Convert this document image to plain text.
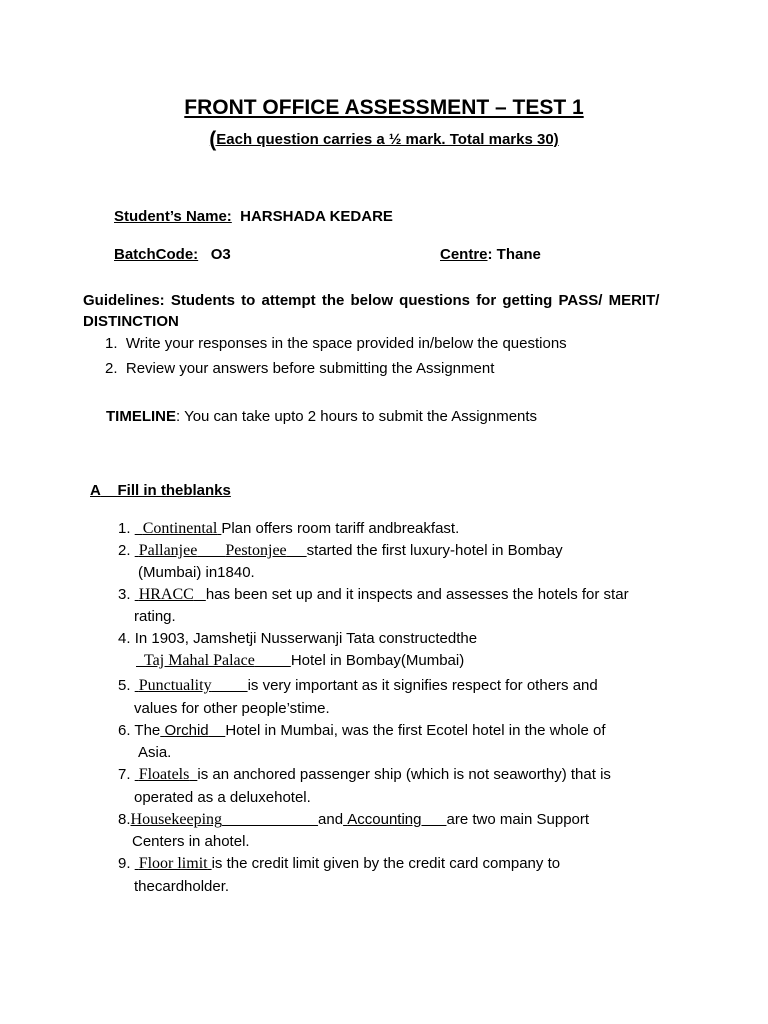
FRONT OFFICE ASSESSMENT – TEST 1
(Each question carries a ½ mark. Total marks 30)
Student’s Name: HARSHADA KEDARE
BatchCode: O3	Centre: Thane
Guidelines: Students to attempt the below questions for getting PASS/ MERIT/
DISTINCTION
1. Write your responses in the space provided in/below the questions
2. Review your answers before submitting the Assignment
TIMELINE: You can take upto 2 hours to submit the Assignments
A Fill in theblanks
1. Continental Plan offers room tariff andbreakfast.
2. Pallanjee Pestonjee started the first luxury-hotel in Bombay
(Mumbai) in1840.
3. HRACC has been set up and it inspects and assesses the hotels for star
rating.
4. In 1903, Jamshetji Nusserwanji Tata constructedthe
Taj Mahal Palace Hotel in Bombay(Mumbai)
5. Punctuality is very important as it signifies respect for others and
values for other people’stime.
6. The Orchid Hotel in Mumbai, was the first Ecotel hotel in the whole of
Asia.
7. Floatels is an anchored passenger ship (which is not seaworthy) that is
operated as a deluxehotel.
8.Housekeeping	and Accounting are two main Support
Centers in ahotel.
9. Floor limit is the credit limit given by the credit card company to
thecardholder.
